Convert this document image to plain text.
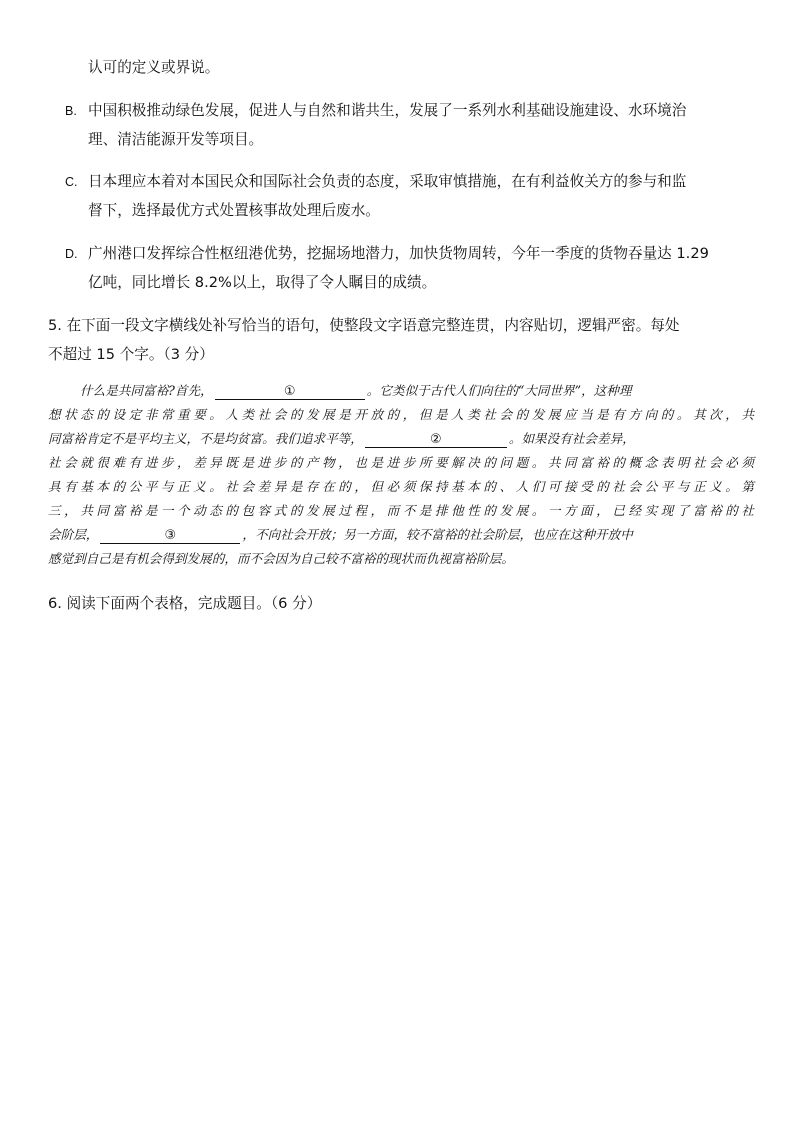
认可的定义或界说。
B. 中国积极推动绿色发展，促进人与自然和谐共生，发展了一系列水利基础设施建设、水环境治
理、清洁能源开发等项目。
C. 日本理应本着对本国民众和国际社会负责的态度，采取审慎措施，在有利益攸关方的参与和监
督下，选择最优方式处置核事故处理后废水。
D. 广州港口发挥综合性枢纽港优势，挖掘场地潜力，加快货物周转，今年一季度的货物吞量达 1.29
亿吨，同比增长 8.2%以上，取得了令人瞩目的成绩。
5. 在下面一段文字横线处补写恰当的语句，使整段文字语意完整连贯，内容贴切，逻辑严密。每处
不超过 15 个字。（3 分）
什么是共同富裕?首先，	①	。它类似于古代人们向往的“大同世界”，这种理
想状态的设定非常重要。人类社会的发展是开放的，但是人类社会的发展应当是有方向的。其次，共
同富裕肯定不是平均主义，不是均贫富。我们追求平等，	②	。如果没有社会差异，
社会就很难有进步，差异既是进步的产物，也是进步所要解决的问题。共同富裕的概念表明社会必须
具有基本的公平与正义。社会差异是存在的，但必须保持基本的、人们可接受的社会公平与正义。第
三，共同富裕是一个动态的包容式的发展过程，而不是排他性的发展。一方面，已经实现了富裕的社
会阶层，	③	，不向社会开放；另一方面，较不富裕的社会阶层，也应在这种开放中
感觉到自己是有机会得到发展的，而不会因为自己较不富裕的现状而仇视富裕阶层。
6. 阅读下面两个表格，完成题目。（6 分）
